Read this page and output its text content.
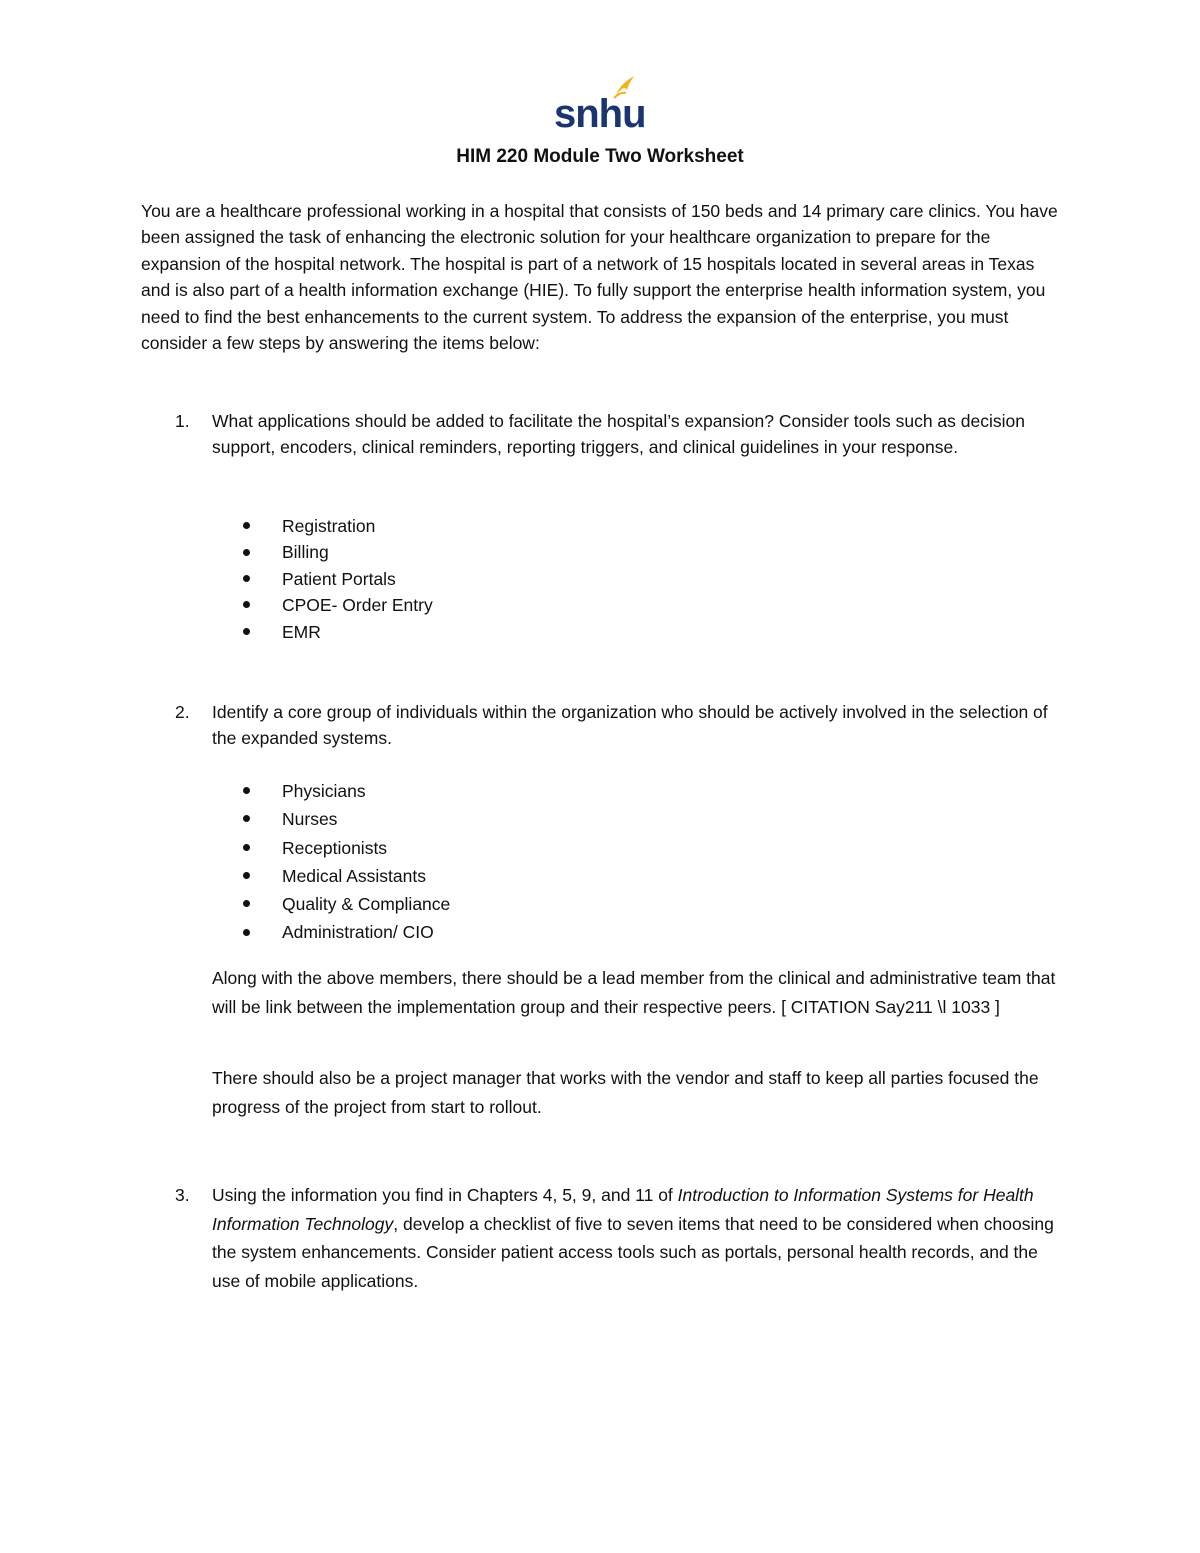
snhu
HIM 220 Module Two Worksheet
You are a healthcare professional working in a hospital that consists of 150 beds and 14 primary care clinics. You have been assigned the task of enhancing the electronic solution for your healthcare organization to prepare for the expansion of the hospital network. The hospital is part of a network of 15 hospitals located in several areas in Texas and is also part of a health information exchange (HIE). To fully support the enterprise health information system, you need to find the best enhancements to the current system. To address the expansion of the enterprise, you must consider a few steps by answering the items below:
1. What applications should be added to facilitate the hospital’s expansion? Consider tools such as decision support, encoders, clinical reminders, reporting triggers, and clinical guidelines in your response.
Registration
Billing
Patient Portals
CPOE- Order Entry
EMR
2. Identify a core group of individuals within the organization who should be actively involved in the selection of the expanded systems.
Physicians
Nurses
Receptionists
Medical Assistants
Quality & Compliance
Administration/ CIO
Along with the above members, there should be a lead member from the clinical and administrative team that will be link between the implementation group and their respective peers. [ CITATION Say211 \l 1033 ]
There should also be a project manager that works with the vendor and staff to keep all parties focused the progress of the project from start to rollout.
3. Using the information you find in Chapters 4, 5, 9, and 11 of Introduction to Information Systems for Health Information Technology, develop a checklist of five to seven items that need to be considered when choosing the system enhancements. Consider patient access tools such as portals, personal health records, and the use of mobile applications.
